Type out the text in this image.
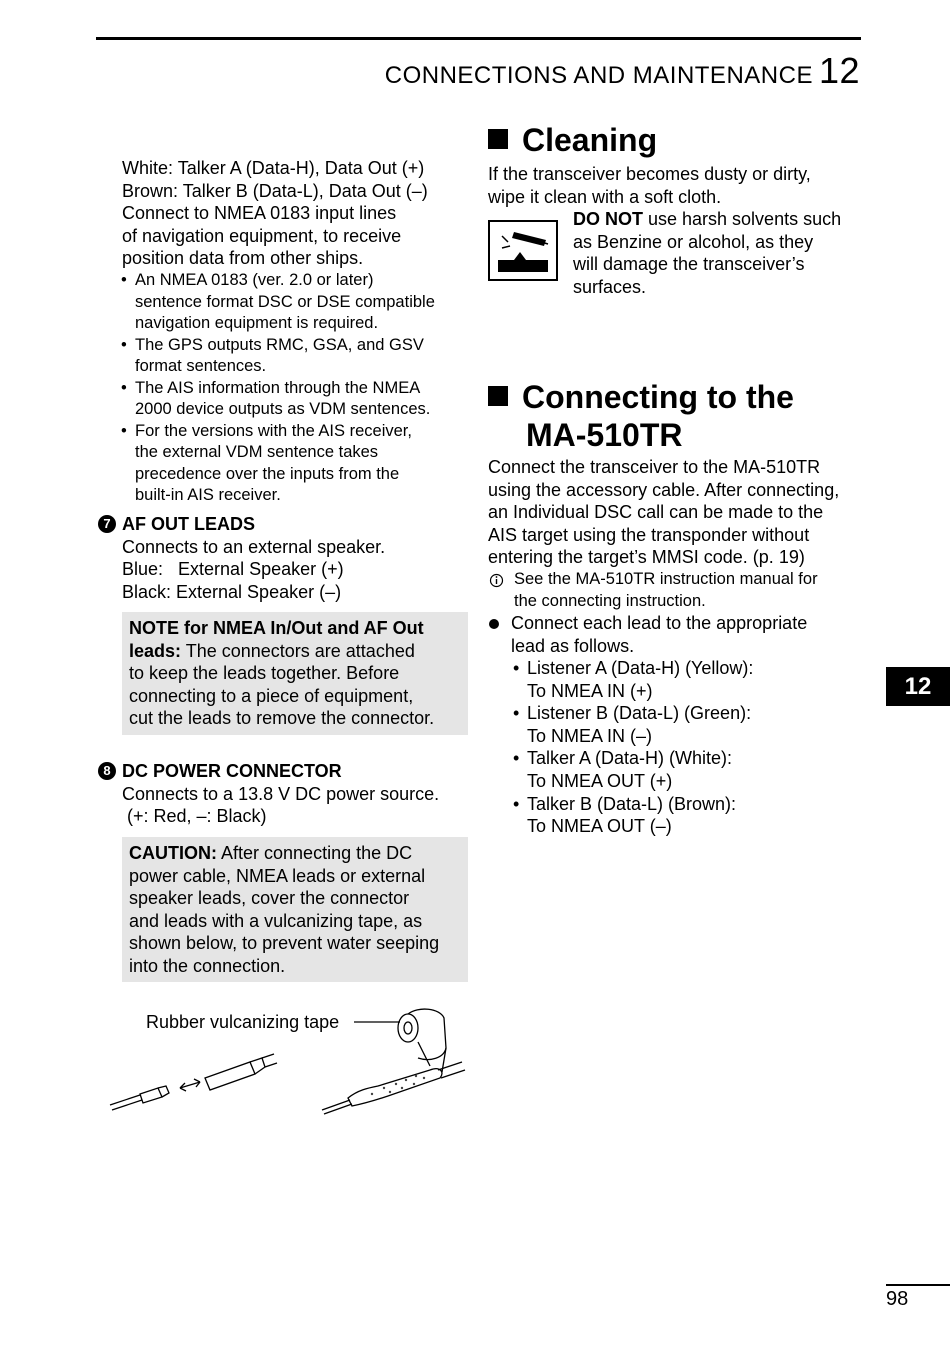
CONNECTIONS AND MAINTENANCE 12
White: Talker A (Data-H), Data Out (+)
Brown: Talker B (Data-L), Data Out (–)
Connect to NMEA 0183 input lines
of navigation equipment, to receive
position data from other ships.
• An NMEA 0183 (ver. 2.0 or later)
sentence format DSC or DSE compatible
navigation equipment is required.
• The GPS outputs RMC, GSA, and GSV
format sentences.
• The AIS information through the NMEA
2000 device outputs as VDM sentences.
• For the versions with the AIS receiver,
the external VDM sentence takes
precedence over the inputs from the
built-in AIS receiver.
7 AF OUT LEADS
Connects to an external speaker.
Blue:   External Speaker (+)
Black: External Speaker (–)
NOTE for NMEA In/Out and AF Out
leads: The connectors are attached
to keep the leads together. Before
connecting to a piece of equipment,
cut the leads to remove the connector.
8 DC POWER CONNECTOR
Connects to a 13.8 V DC power source.
(+: Red, –: Black)
CAUTION: After connecting the DC
power cable, NMEA leads or external
speaker leads, cover the connector
and leads with a vulcanizing tape, as
shown below, to prevent water seeping
into the connection.
Rubber vulcanizing tape
Cleaning
If the transceiver becomes dusty or dirty,
wipe it clean with a soft cloth.
DO NOT use harsh solvents such
as Benzine or alcohol, as they
will damage the transceiver’s
surfaces.
Connecting to the
MA-510TR
Connect the transceiver to the MA-510TR
using the accessory cable. After connecting,
an Individual DSC call can be made to the
AIS target using the transponder without
entering the target’s MMSI code. (p. 19)
See the MA-510TR instruction manual for
the connecting instruction.
Connect each lead to the appropriate
lead as follows.
• Listener A (Data-H) (Yellow):
To NMEA IN (+)
• Listener B (Data-L) (Green):
To NMEA IN (–)
• Talker A (Data-H) (White):
To NMEA OUT (+)
• Talker B (Data-L) (Brown):
To NMEA OUT (–)
12
98
